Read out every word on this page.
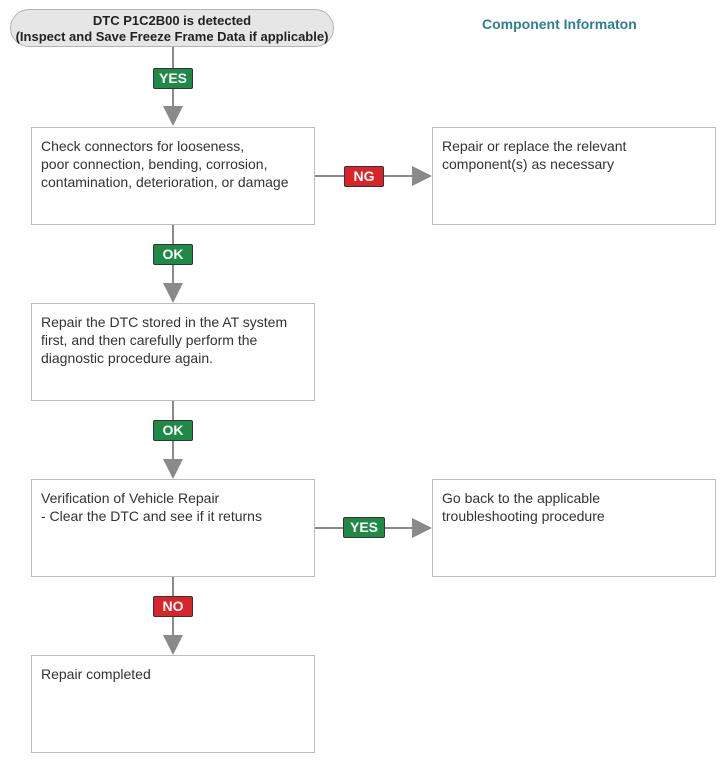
DTC P1C2B00 is detected
(Inspect and Save Freeze Frame Data if applicable)
Component Informaton
YES
Check connectors for looseness,
poor connection, bending, corrosion,
contamination, deterioration, or damage	NG
Repair or replace the relevant
component(s) as necessary
OK
Repair the DTC stored in the AT system
first, and then carefully perform the
diagnostic procedure again.
OK
Verification of Vehicle Repair
- Clear the DTC and see if it returns
YES
Go back to the applicable
troubleshooting procedure
NO
Repair completed
